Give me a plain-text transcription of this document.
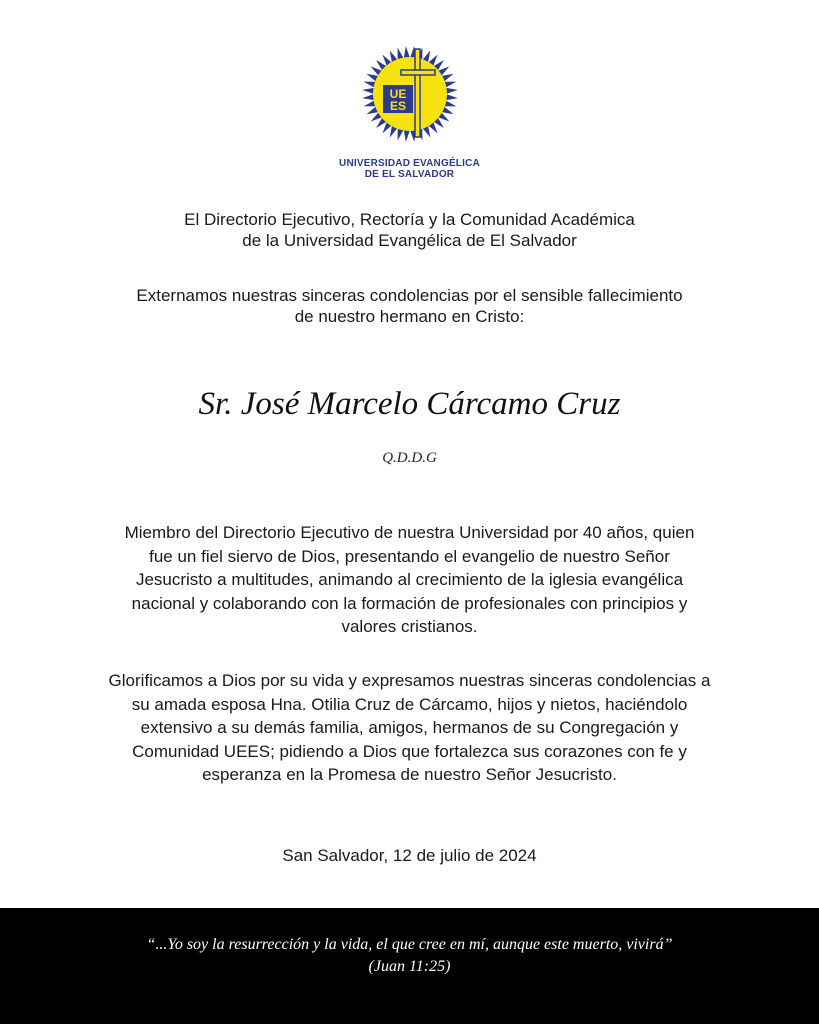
UE
ES
UNIVERSIDAD EVANGÉLICA
DE EL SALVADOR
El Directorio Ejecutivo, Rectoría y la Comunidad Académica
de la Universidad Evangélica de El Salvador
Externamos nuestras sinceras condolencias por el sensible fallecimiento
de nuestro hermano en Cristo:
Sr. José Marcelo Cárcamo Cruz
Q.D.D.G
Miembro del Directorio Ejecutivo de nuestra Universidad por 40 años, quien
fue un fiel siervo de Dios, presentando el evangelio de nuestro Señor
Jesucristo a multitudes, animando al crecimiento de la iglesia evangélica
nacional y colaborando con la formación de profesionales con principios y
valores cristianos.
Glorificamos a Dios por su vida y expresamos nuestras sinceras condolencias a
su amada esposa Hna. Otilia Cruz de Cárcamo, hijos y nietos, haciéndolo
extensivo a su demás familia, amigos, hermanos de su Congregación y
Comunidad UEES; pidiendo a Dios que fortalezca sus corazones con fe y
esperanza en la Promesa de nuestro Señor Jesucristo.
San Salvador, 12 de julio de 2024
“...Yo soy la resurrección y la vida, el que cree en mí, aunque este muerto, vivirá”
(Juan 11:25)
